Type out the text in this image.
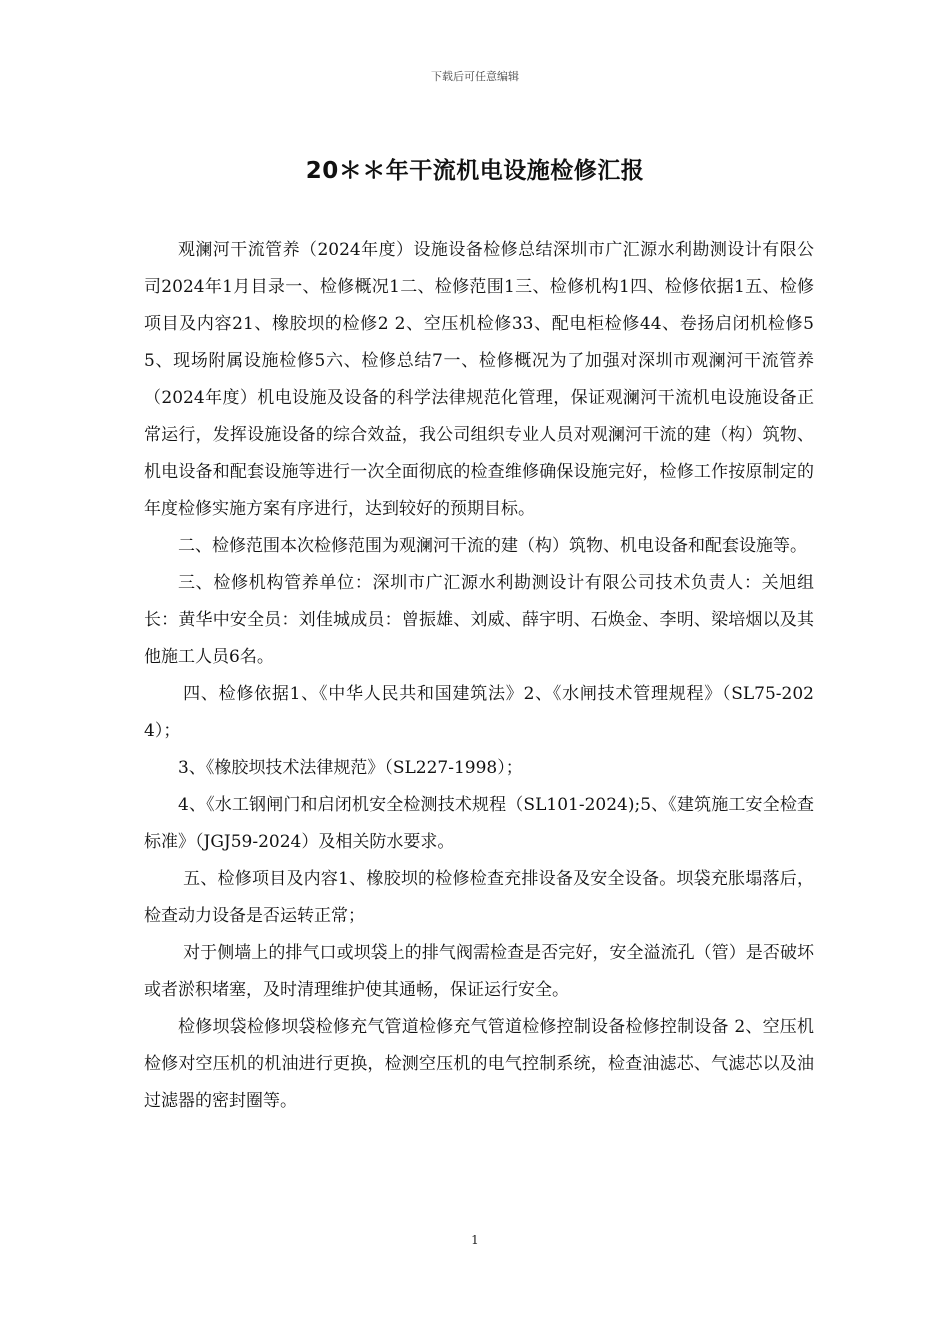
下载后可任意编辑
20＊＊年干流机电设施检修汇报

观澜河干流管养（2024年度）设施设备检修总结深圳市广汇源水利勘测设计有限公司2024年1月目录一、检修概况1二、检修范围1三、检修机构1四、检修依据1五、检修项目及内容21、橡胶坝的检修2 2、空压机检修33、配电柜检修44、卷扬启闭机检修55、现场附属设施检修5六、检修总结7一、检修概况为了加强对深圳市观澜河干流管养（2024年度）机电设施及设备的科学法律规范化管理，保证观澜河干流机电设施设备正常运行，发挥设施设备的综合效益，我公司组织专业人员对观澜河干流的建（构）筑物、机电设备和配套设施等进行一次全面彻底的检查维修确保设施完好，检修工作按原制定的年度检修实施方案有序进行，达到较好的预期目标。

二、检修范围本次检修范围为观澜河干流的建（构）筑物、机电设备和配套设施等。

三、检修机构管养单位：深圳市广汇源水利勘测设计有限公司技术负责人：关旭组长：黄华中安全员：刘佳城成员：曾振雄、刘威、薛宇明、石焕金、李明、梁培烟以及其他施工人员6名。

四、检修依据1、《中华人民共和国建筑法》2、《水闸技术管理规程》（SL75-2024）；

3、《橡胶坝技术法律规范》（SL227-1998）；

4、《水工钢闸门和启闭机安全检测技术规程（SL101-2024);5、《建筑施工安全检查标准》（JGJ59-2024）及相关防水要求。

五、检修项目及内容1、橡胶坝的检修检查充排设备及安全设备。坝袋充胀塌落后，检查动力设备是否运转正常；

对于侧墙上的排气口或坝袋上的排气阀需检查是否完好，安全溢流孔（管）是否破坏或者淤积堵塞，及时清理维护使其通畅，保证运行安全。

检修坝袋检修坝袋检修充气管道检修充气管道检修控制设备检修控制设备 2、空压机检修对空压机的机油进行更换，检测空压机的电气控制系统，检查油滤芯、气滤芯以及油过滤器的密封圈等。

1
